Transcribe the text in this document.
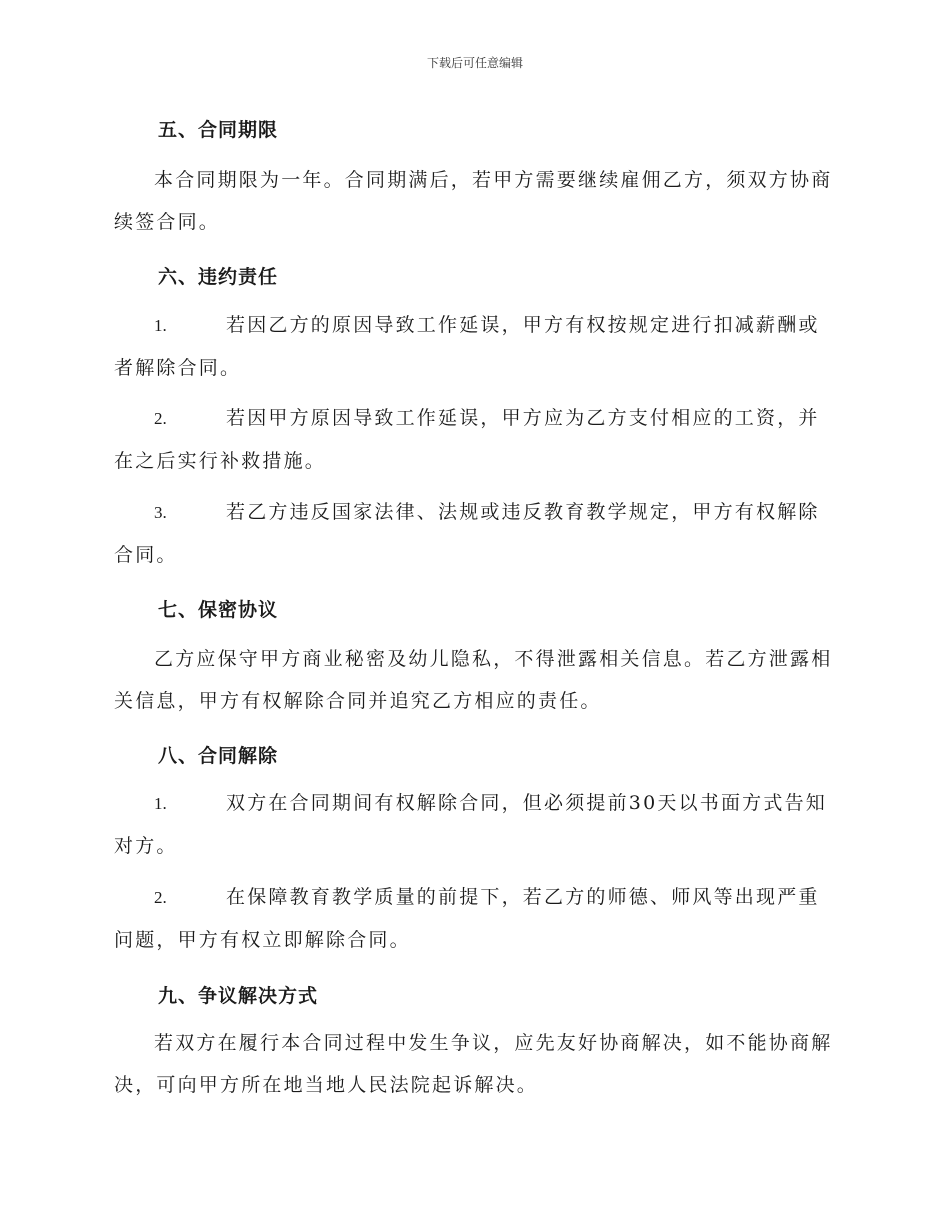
下载后可任意编辑
五、合同期限

本合同期限为一年。合同期满后，若甲方需要继续雇佣乙方，须双方协商续签合同。

六、违约责任

1.	若因乙方的原因导致工作延误，甲方有权按规定进行扣减薪酬或者解除合同。

2.	若因甲方原因导致工作延误，甲方应为乙方支付相应的工资，并在之后实行补救措施。

3.	若乙方违反国家法律、法规或违反教育教学规定，甲方有权解除合同。

七、保密协议

乙方应保守甲方商业秘密及幼儿隐私，不得泄露相关信息。若乙方泄露相关信息，甲方有权解除合同并追究乙方相应的责任。

八、合同解除

1.	双方在合同期间有权解除合同，但必须提前30天以书面方式告知对方。

2.	在保障教育教学质量的前提下，若乙方的师德、师风等出现严重问题，甲方有权立即解除合同。

九、争议解决方式

若双方在履行本合同过程中发生争议，应先友好协商解决，如不能协商解决，可向甲方所在地当地人民法院起诉解决。
